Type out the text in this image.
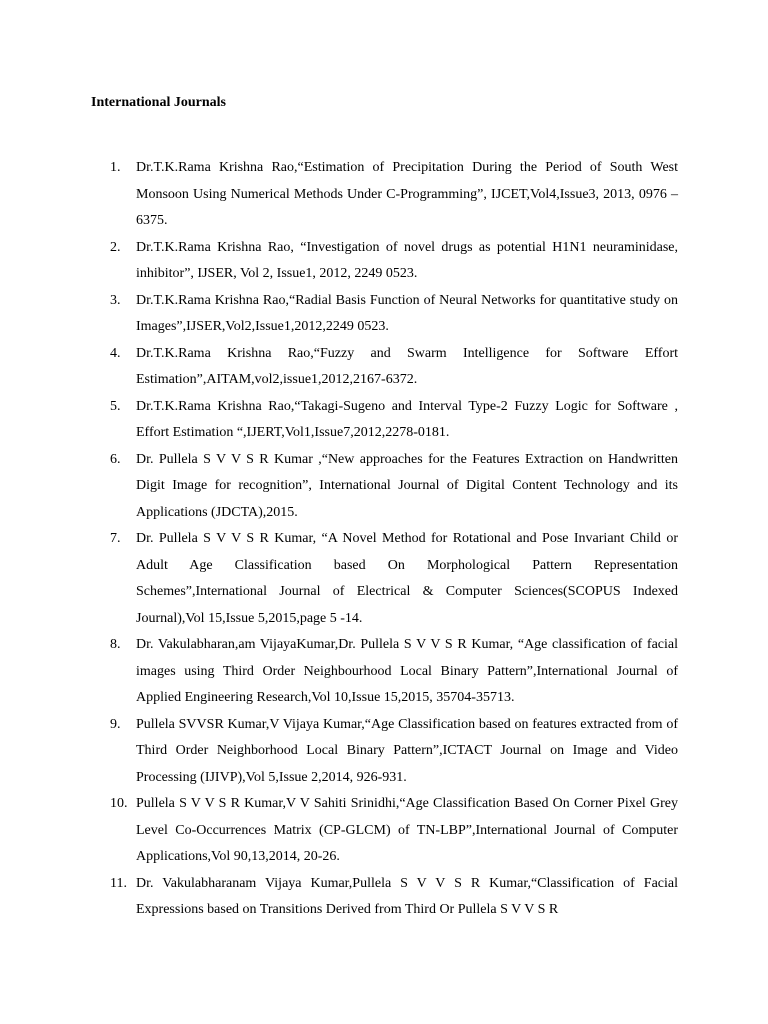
International Journals
1.	Dr.T.K.Rama Krishna Rao,“Estimation of Precipitation During the Period of South West Monsoon Using Numerical Methods Under C-Programming”, IJCET,Vol4,Issue3, 2013, 0976 – 6375.
2.	Dr.T.K.Rama Krishna Rao, “Investigation of novel drugs as potential H1N1 neuraminidase, inhibitor”, IJSER, Vol 2, Issue1, 2012, 2249 0523.
3.	Dr.T.K.Rama Krishna Rao,“Radial Basis Function of Neural Networks for quantitative study on Images”,IJSER,Vol2,Issue1,2012,2249 0523.
4.	Dr.T.K.Rama Krishna Rao,“Fuzzy and Swarm Intelligence for Software Effort Estimation”,AITAM,vol2,issue1,2012,2167-6372.
5.	Dr.T.K.Rama Krishna Rao,“Takagi-Sugeno and Interval Type-2 Fuzzy Logic for Software , Effort Estimation “,IJERT,Vol1,Issue7,2012,2278-0181.
6.	Dr. Pullela S V V S R Kumar ,“New approaches for the Features Extraction on Handwritten Digit Image for recognition”, International Journal of Digital Content Technology and its Applications (JDCTA),2015.
7.	Dr. Pullela S V V S R Kumar, “A Novel Method for Rotational and Pose Invariant Child or Adult Age Classification based On Morphological Pattern Representation Schemes”,International Journal of Electrical & Computer Sciences(SCOPUS Indexed Journal),Vol 15,Issue 5,2015,page 5 -14.
8.	Dr. Vakulabharan,am VijayaKumar,Dr. Pullela S V V S R Kumar, “Age classification of facial images using Third Order Neighbourhood Local Binary Pattern”,International Journal of Applied Engineering Research,Vol 10,Issue 15,2015, 35704-35713.
9.	Pullela SVVSR Kumar,V Vijaya Kumar,“Age Classification based on features extracted from of Third Order Neighborhood Local Binary Pattern”,ICTACT Journal on Image and Video Processing (IJIVP),Vol 5,Issue 2,2014, 926-931.
10. Pullela S V V S R Kumar,V V Sahiti Srinidhi,“Age Classification Based On Corner Pixel Grey Level Co-Occurrences Matrix (CP-GLCM) of TN-LBP”,International Journal of Computer Applications,Vol 90,13,2014, 20-26.
11. Dr. Vakulabharanam Vijaya Kumar,Pullela S V V S R Kumar,“Classification of Facial Expressions based on Transitions Derived from Third Or Pullela S V V S R
